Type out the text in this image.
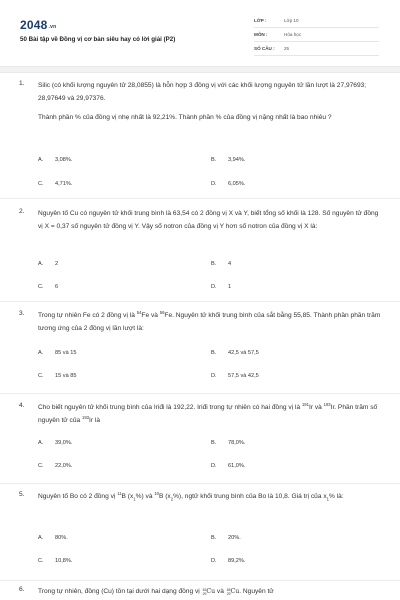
2048.vn
50 Bài tập về Đồng vị cơ bản siêu hay có lời giải (P2)
LỚP :	Lớp 10
MÔN :	Hóa học
SỐ CÂU : 25
1. Silic (có khối lượng nguyên tử 28,0855) là hỗn hợp 3 đồng vị với các khối lượng nguyên tử lần lượt là 27,97693; 28,97649 và 29,97376.

Thành phần % của đồng vị nhẹ nhất là 92,21%. Thành phần % của đồng vị nặng nhất là bao nhiêu ?

A. 3,08%.	B. 3,94%.
C. 4,71%.	D. 6,05%.
2. Nguyên tố Cu có nguyên tử khối trung bình là 63,54 có 2 đồng vị X và Y, biết tổng số khối là 128. Số nguyên tử đồng vị X = 0,37 số nguyên tử đồng vị Y. Vậy số notron của đồng vị Y hơn số notron của đồng vị X là:

A. 2	B. 4
C. 6	D. 1
3. Trong tự nhiên Fe có 2 đồng vị là $^{54}$Fe và $^{56}$Fe. Nguyên tử khối trung bình của sắt bằng 55,85. Thành phần phần trăm tương ứng của 2 đồng vị lần lượt là:

A. 85 và 15	B. 42,5 và 57,5
C. 15 và 85	D. 57,5 và 42,5
4. Cho biết nguyên tử khối trung bình của Iriđi là 192,22. Iriđi trong tự nhiên có hai đồng vị là $^{191}$Ir và $^{193}$Ir. Phần trăm số nguyên tử của $^{193}$Ir là

A. 39,0%.	B. 78,0%.
C. 22,0%.	D. 61,0%.
5. Nguyên tố Bo có 2 đồng vị $^{11}$B $(x_1\%)$ và $^{10}$B $(x_2\%)$, ngtử khối trung bình của Bo là 10,8. Giá trị của $x_1\%$ là:

A. 80%.	B. 20%.
C. 10,8%.	D. 89,2%.
6. Trong tự nhiên, đồng (Cu) tồn tại dưới hai dạng đồng vị 63
29Cu và 65
29Cu. Nguyên tử
